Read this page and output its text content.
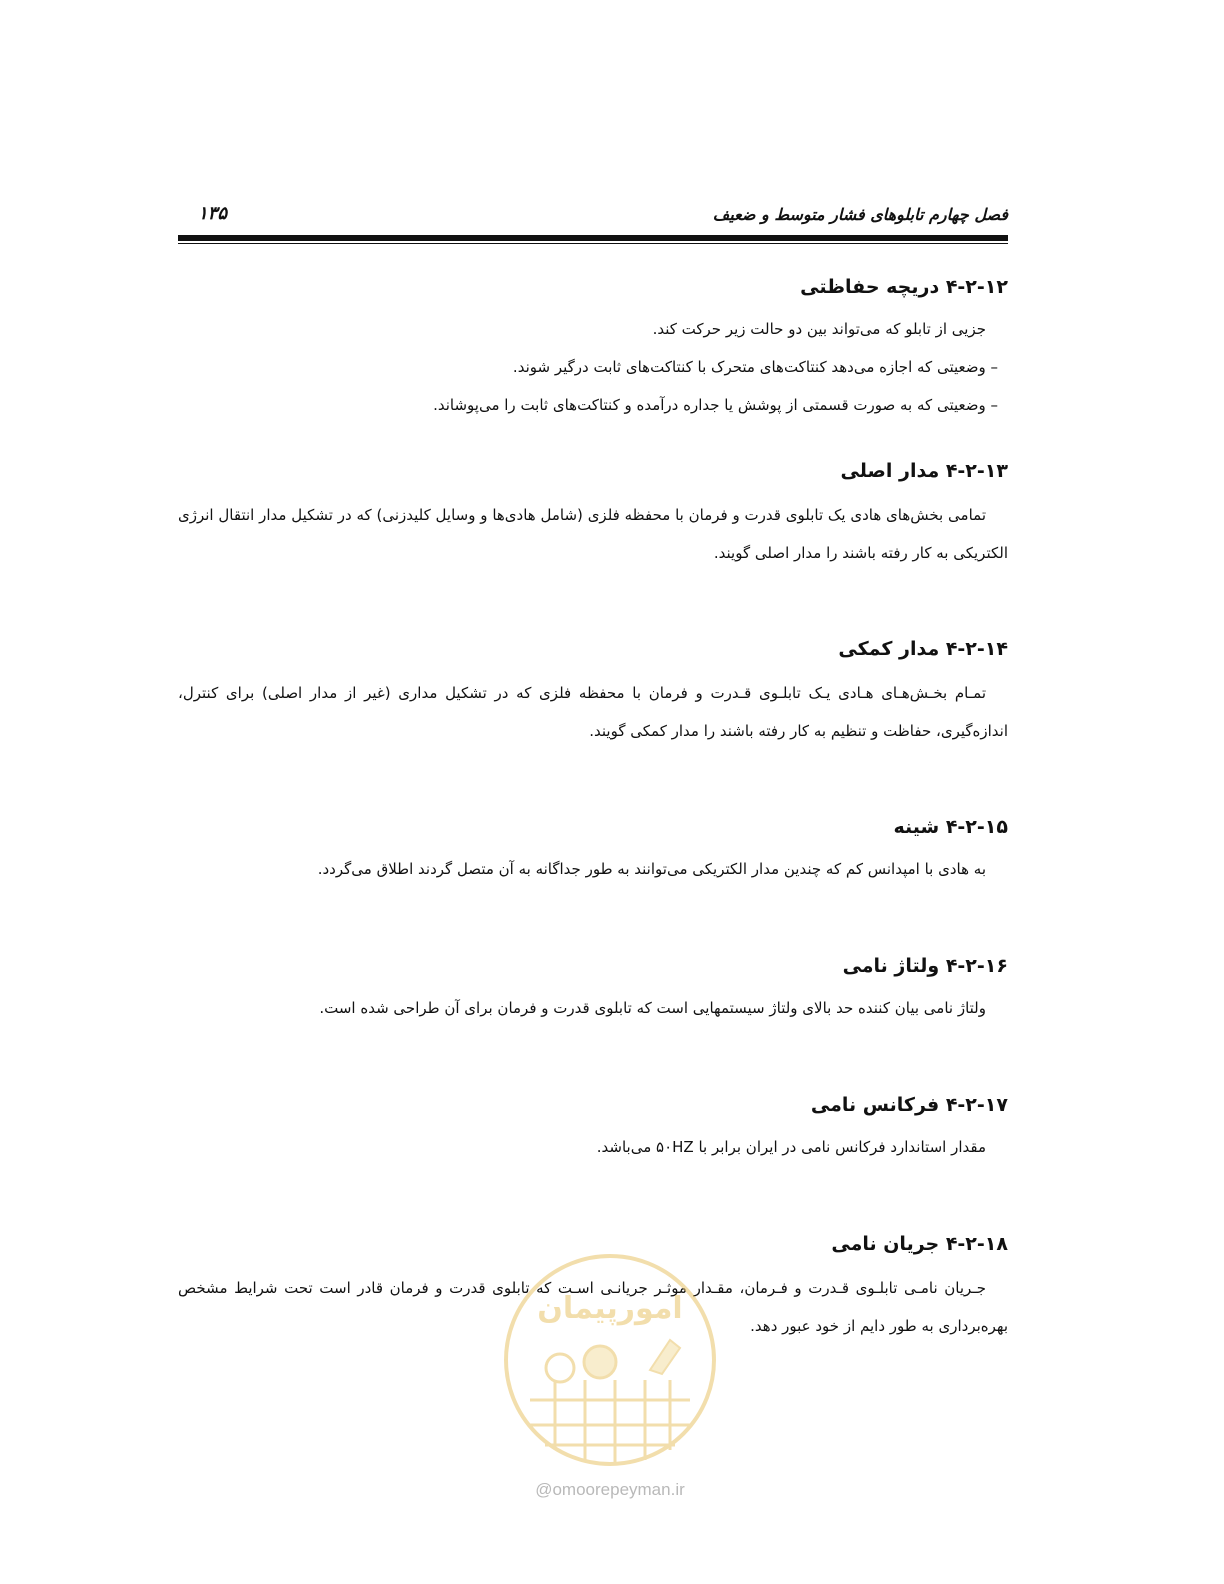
فصل چهارم تابلوهای فشار متوسط و ضعیف
۱۳۵
۴-۲-۱۲ دریچه حفاظتی

جزیی از تابلو که می‌تواند بین دو حالت زیر حرکت کند.

– وضعیتی که اجازه می‌دهد کنتاکت‌های متحرک با کنتاکت‌های ثابت درگیر شوند.

– وضعیتی که به صورت قسمتی از پوشش یا جداره درآمده و کنتاکت‌های ثابت را می‌پوشاند.

۴-۲-۱۳ مدار اصلی

تمامی بخش‌های هادی یک تابلوی قدرت و فرمان با محفظه فلزی (شامل هادی‌ها و وسایل کلیدزنی) که در تشکیل مدار انتقال انرژی الکتریکی به کار رفته باشند را مدار اصلی گویند.

۴-۲-۱۴ مدار کمکی

تمـام بخـش‌هـای هـادی یـک تابلـوی قـدرت و فرمان با محفظه فلزی که در تشکیل مداری (غیر از مدار اصلی) برای کنترل، اندازه‌گیری، حفاظت و تنظیم به کار رفته باشند را مدار کمکی گویند.

۴-۲-۱۵ شینه

به هادی با امپدانس کم که چندین مدار الکتریکی می‌توانند به طور جداگانه به آن متصل گردند اطلاق می‌گردد.

۴-۲-۱۶ ولتاژ نامی

ولتاژ نامی بیان کننده حد بالای ولتاژ سیستمهایی است که تابلوی قدرت و فرمان برای آن طراحی شده است.

۴-۲-۱۷ فرکانس نامی

مقدار استاندارد فرکانس نامی در ایران برابر با ۵۰HZ می‌باشد.

۴-۲-۱۸ جریان نامی

جـریان نامـی تابلـوی قـدرت و فـرمان، مقـدار موثـر جریانـی اسـت که تابلوی قدرت و فرمان قادر است تحت شرایط مشخص بهره‌برداری به طور دایم از خود عبور دهد.

امورپیمان
@omoorepeyman.ir
